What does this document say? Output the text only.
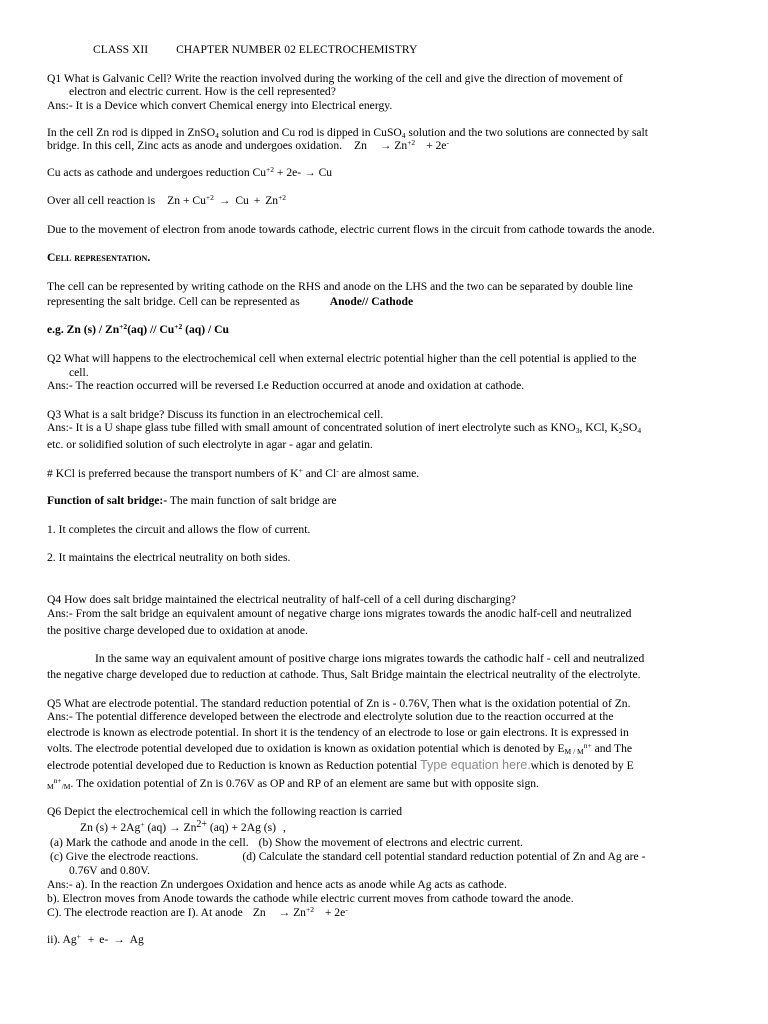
CLASS XII CHAPTER NUMBER 02 ELECTROCHEMISTRY
Q1 What is Galvanic Cell? Write the reaction involved during the working of the cell and give the direction of movement of
electron and electric current. How is the cell represented?
Ans:- It is a Device which convert Chemical energy into Electrical energy.
In the cell Zn rod is dipped in ZnSO$_4$ solution and Cu rod is dipped in CuSO$_4$ solution and the two solutions are connected by salt
bridge. In this cell, Zinc acts as anode and undergoes oxidation. $Zn \to Zn^{+2} + 2e^-$
Cu acts as cathode and undergoes reduction $Cu^{+2} + 2e- \to Cu$
Over all cell reaction is $Zn + Cu^{+2} \to Cu + Zn^{+2}$
Due to the movement of electron from anode towards cathode, electric current flows in the circuit from cathode towards the anode.
Cell representation.
The cell can be represented by writing cathode on the RHS and anode on the LHS and the two can be separated by double line
representing the salt bridge. Cell can be represented as	Anode// Cathode
e.g. Zn $(s) / Zn^{+2}(aq) // Cu^{+2}$ (aq) / Cu
Q2 What will happens to the electrochemical cell when external electric potential higher than the cell potential is applied to the
cell.
Ans:- The reaction occurred will be reversed I.e Reduction occurred at anode and oxidation at cathode.
Q3 What is a salt bridge? Discuss its function in an electrochemical cell.
Ans:- It is a U shape glass tube filled with small amount of concentrated solution of inert electrolyte such as $KNO_3$, KCl, $K_2SO_4$
etc. or solidified solution of such electrolyte in agar - agar and gelatin.
# KCl is preferred because the transport numbers of K+ and Cl- are almost same.
Function of salt bridge:- The main function of salt bridge are
1. It completes the circuit and allows the flow of current.
2. It maintains the electrical neutrality on both sides.
Q4 How does salt bridge maintained the electrical neutrality of half-cell of a cell during discharging?
Ans:- From the salt bridge an equivalent amount of negative charge ions migrates towards the anodic half-cell and neutralized
the positive charge developed due to oxidation at anode.
In the same way an equivalent amount of positive charge ions migrates towards the cathodic half - cell and neutralized
the negative charge developed due to reduction at cathode. Thus, Salt Bridge maintain the electrical neutrality of the electrolyte.
Q5 What are electrode potential. The standard reduction potential of Zn is - 0.76V, Then what is the oxidation potential of Zn.
Ans:- The potential difference developed between the electrode and electrolyte solution due to the reaction occurred at the
electrode is known as electrode potential. In short it is the tendency of an electrode to lose or gain electrons. It is expressed in
volts. The electrode potential developed due to oxidation is known as oxidation potential which is denoted by $E_{M / M}^{n+}$ and The
electrode potential developed due to Reduction is known as Reduction potential Type equation here.which is denoted by E
$_M^{n+}_{/M}$. The oxidation potential of Zn is 0.76V as OP and RP of an element are same but with opposite sign.
Q6 Depict the electrochemical cell in which the following reaction is carried
Zn (s) + 2Ag+ $(aq) \to Zn^{2+}$ (aq) + 2Ag (s) ,
(a) Mark the cathode and anode in the cell. (b) Show the movement of electrons and electric current.
(c) Give the electrode reactions.	(d) Calculate the standard cell potential standard reduction potential of Zn and Ag are -
0.76V and 0.80V.
Ans:- a). In the reaction Zn undergoes Oxidation and hence acts as anode while Ag acts as cathode.
b). Electron moves from Anode towards the cathode while electric current moves from cathode toward the anode.
C). The electrode reaction are I). At anode $Zn \to Zn^{+2} + 2e^-$
ii). Ag+ + e- → Ag
